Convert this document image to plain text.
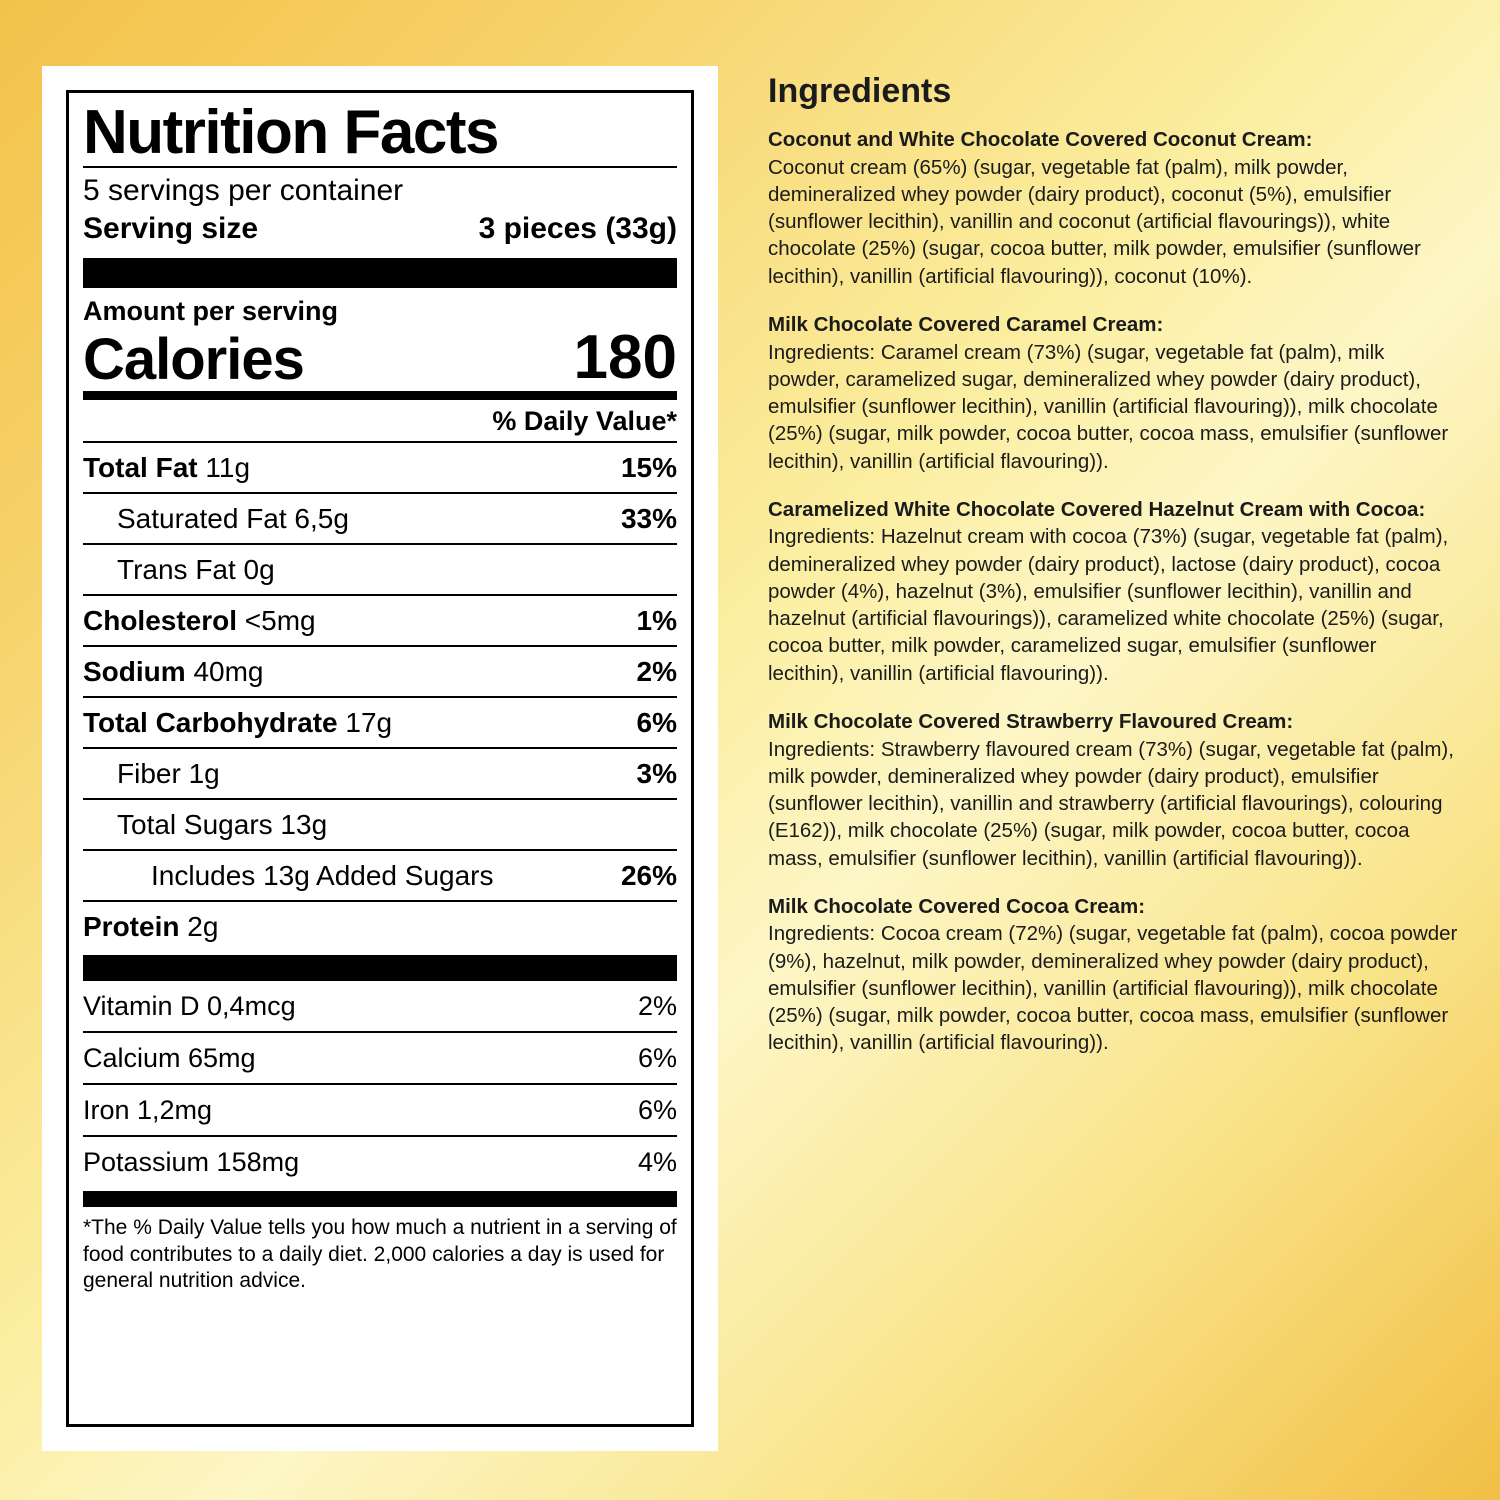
Nutrition Facts
5 servings per container
Serving size	3 pieces (33g)
Amount per serving
Calories	180
% Daily Value*
Total Fat 11g	15%
Saturated Fat 6,5g	33%
Trans Fat 0g
Cholesterol <5mg	1%
Sodium 40mg	2%
Total Carbohydrate 17g	6%
Fiber 1g	3%
Total Sugars 13g
Includes 13g Added Sugars	26%
Protein 2g
Vitamin D 0,4mcg	2%
Calcium 65mg	6%
Iron 1,2mg	6%
Potassium 158mg	4%
*The % Daily Value tells you how much a nutrient in a serving of food contributes to a daily diet. 2,000 calories a day is used for general nutrition advice.
Ingredients
Coconut and White Chocolate Covered Coconut Cream:
Coconut cream (65%) (sugar, vegetable fat (palm), milk powder, demineralized whey powder (dairy product), coconut (5%), emulsifier (sunflower lecithin), vanillin and coconut (artificial flavourings)), white chocolate (25%) (sugar, cocoa butter, milk powder, emulsifier (sunflower lecithin), vanillin (artificial flavouring)), coconut (10%).
Milk Chocolate Covered Caramel Cream:
Ingredients: Caramel cream (73%) (sugar, vegetable fat (palm), milk powder, caramelized sugar, demineralized whey powder (dairy product), emulsifier (sunflower lecithin), vanillin (artificial flavouring)), milk chocolate (25%) (sugar, milk powder, cocoa butter, cocoa mass, emulsifier (sunflower lecithin), vanillin (artificial flavouring)).
Caramelized White Chocolate Covered Hazelnut Cream with Cocoa:
Ingredients: Hazelnut cream with cocoa (73%) (sugar, vegetable fat (palm), demineralized whey powder (dairy product), lactose (dairy product), cocoa powder (4%), hazelnut (3%), emulsifier (sunflower lecithin), vanillin and hazelnut (artificial flavourings)), caramelized white chocolate (25%) (sugar, cocoa butter, milk powder, caramelized sugar, emulsifier (sunflower lecithin), vanillin (artificial flavouring)).
Milk Chocolate Covered Strawberry Flavoured Cream:
Ingredients: Strawberry flavoured cream (73%) (sugar, vegetable fat (palm), milk powder, demineralized whey powder (dairy product), emulsifier (sunflower lecithin), vanillin and strawberry (artificial flavourings), colouring (E162)), milk chocolate (25%) (sugar, milk powder, cocoa butter, cocoa mass, emulsifier (sunflower lecithin), vanillin (artificial flavouring)).
Milk Chocolate Covered Cocoa Cream:
Ingredients: Cocoa cream (72%) (sugar, vegetable fat (palm), cocoa powder (9%), hazelnut, milk powder, demineralized whey powder (dairy product), emulsifier (sunflower lecithin), vanillin (artificial flavouring)), milk chocolate (25%) (sugar, milk powder, cocoa butter, cocoa mass, emulsifier (sunflower lecithin), vanillin (artificial flavouring)).
